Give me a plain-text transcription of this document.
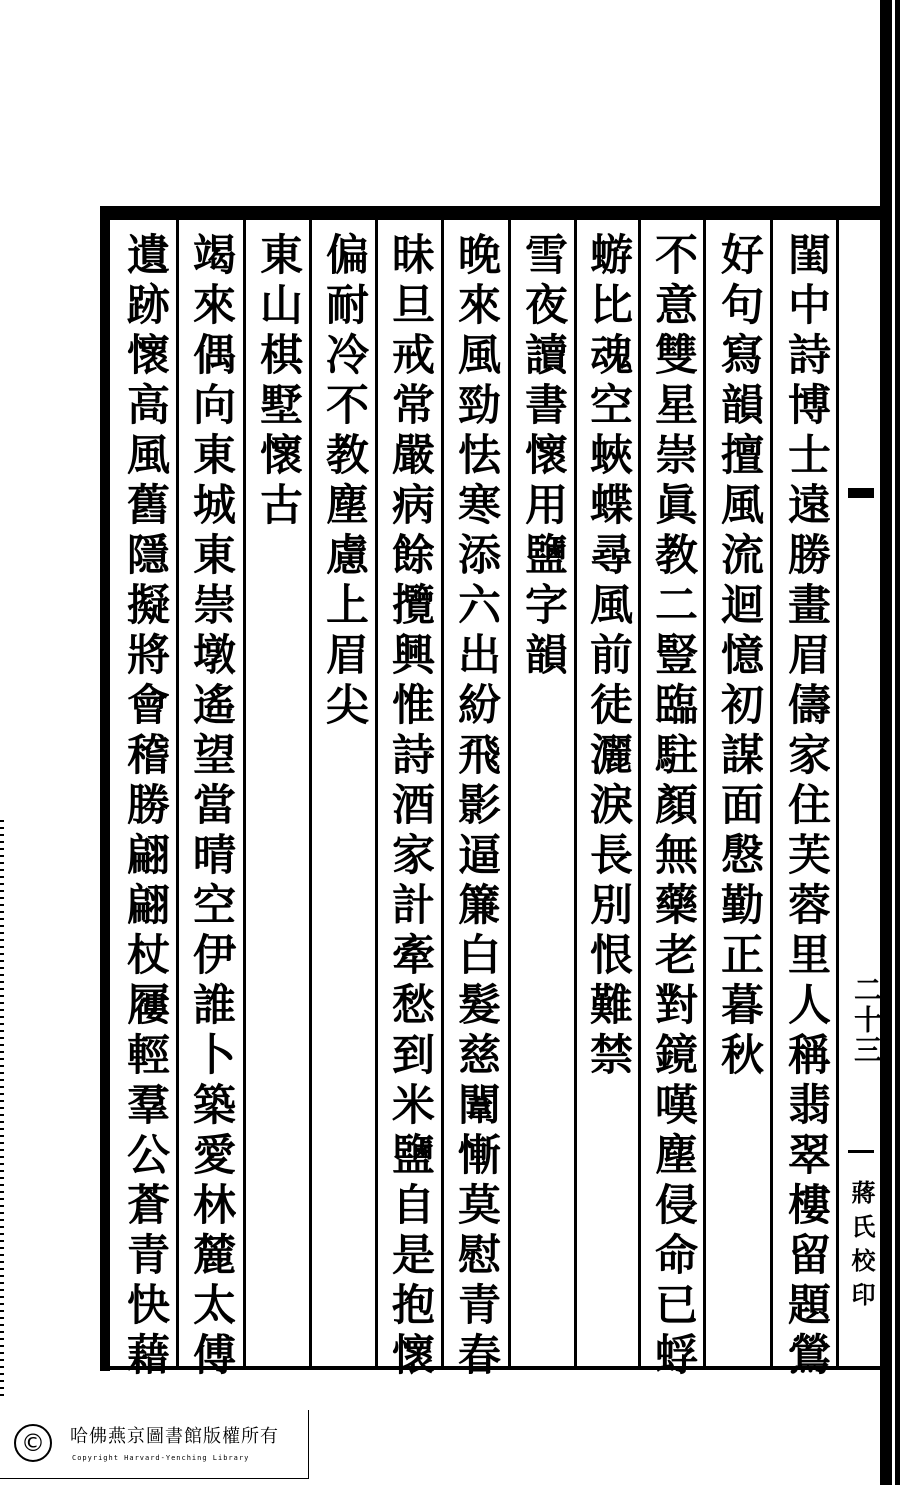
閨中詩博士遠勝畫眉儔家住芙蓉里人稱翡翠樓留題鶯
好句寫韻擅風流迴憶初謀面慇勤正暮秋
不意雙星崇眞教二豎臨駐顏無藥老對鏡嘆塵侵命已蜉
蝣比魂空蛺蝶尋風前徒灑淚長別恨難禁
雪夜讀書懷用鹽字韻
晚來風勁怯寒添六出紛飛影逼簾白髮慈闈慚莫慰青春
昧旦戒常嚴病餘攬興惟詩酒家計牽愁到米鹽自是抱懷
偏耐冷不教塵慮上眉尖
東山棋墅懷古
竭來偶向東城東崇墩遙望當晴空伊誰卜築愛林麓太傅
遺跡懷高風舊隱擬將會稽勝翩翩杖屨輕羣公蒼青快藉	二十三
蔣氏校印
©	哈佛燕京圖書館版權所有
Copyright Harvard-Yenching Library
